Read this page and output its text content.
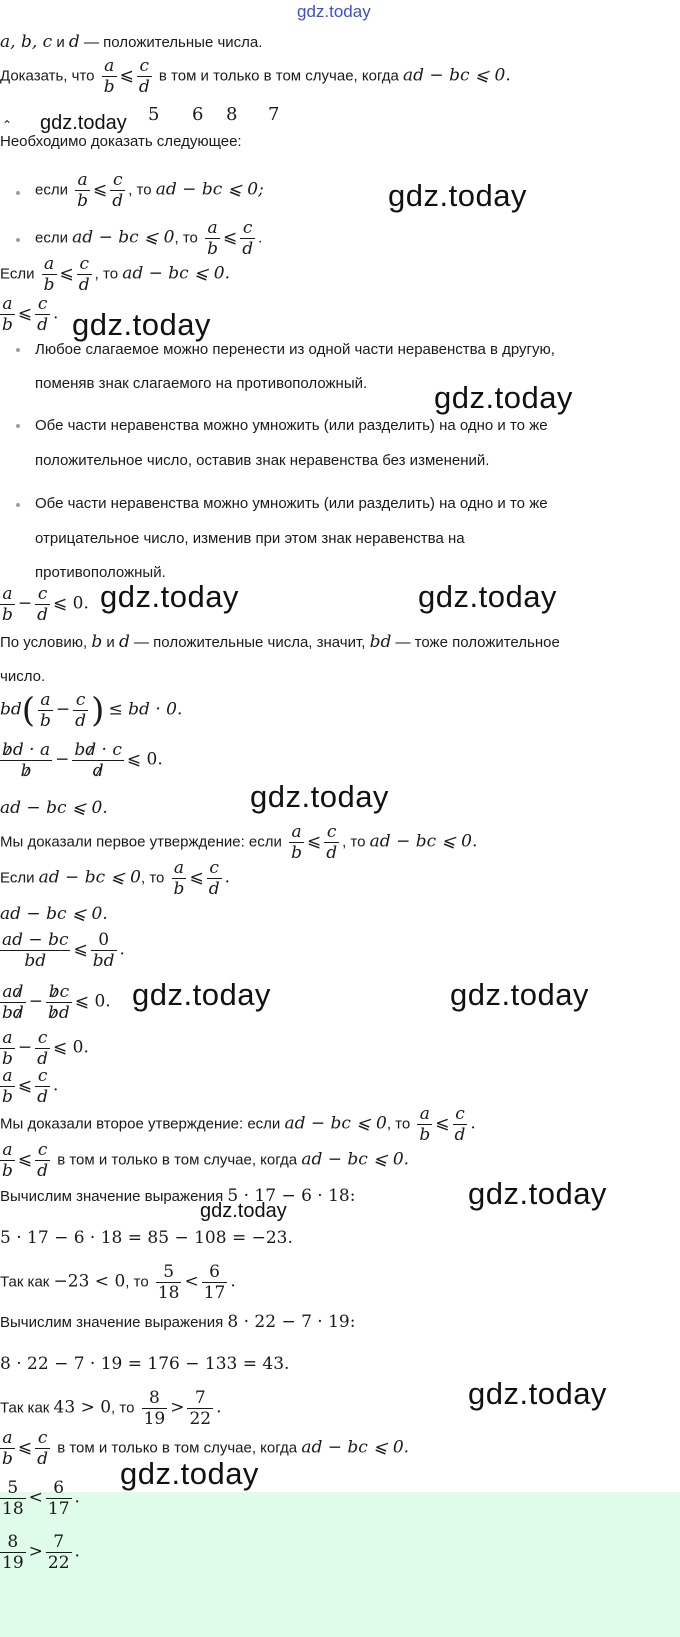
gdz.today
gdz.today
gdz.today
gdz.today
gdz.today
gdz.today	gdz.today
gdz.today
gdz.today	gdz.today
gdz.today
gdz.today
gdz.today
gdz.today
a, b, c и d — положительные числа.
Доказать, что $\frac{a}{b}$ ⩽ $\frac{c}{d}$ в том и только в том случае, когда ad − bc ⩽ 0.
⌃	5 6 8 7
Необходимо доказать следующее:
если $\frac{a}{b}$ ⩽ $\frac{c}{d}$ , то ad − bc ⩽ 0;
если ad − bc ⩽ 0, то $\frac{a}{b}$ ⩽ $\frac{c}{d}$ .
Если $\frac{a}{b}$ ⩽ $\frac{c}{d}$ , то ad − bc ⩽ 0.
$\frac{a}{b}$ ⩽ $\frac{c}{d}$ .
Любое слагаемое можно перенести из одной части неравенства в другую,
поменяв знак слагаемого на противоположный.
Обе части неравенства можно умножить (или разделить) на одно и то же
положительное число, оставив знак неравенства без изменений.
Обе части неравенства можно умножить (или разделить) на одно и то же
отрицательное число, изменив при этом знак неравенства на
противоположный.
$\frac{a}{b} - \frac{c}{d}$ ⩽ 0.
По условию, b и d — положительные числа, значит, bd — тоже положительное
число.
$bd( \frac{a}{b} - \frac{c}{d}$ ) ≤ bd · 0.
$\frac{bd \cdot a}{b} - \frac{bd \cdot c}{d}$ ⩽ 0.
ad − bc ⩽ 0.
Мы доказали первое утверждение: если $\frac{a}{b}$ ⩽ $\frac{c}{d}$ , то ad − bc ⩽ 0.
Если ad − bc ⩽ 0, то $\frac{a}{b}$ ⩽ $\frac{c}{d}$ .
ad − bc ⩽ 0.
$\frac{ad - bc}{bd}$ ⩽ $\frac{0}{bd}$ .
$\frac{ad}{bd} - \frac{bc}{bd}$ ⩽ 0.
$\frac{a}{b} - \frac{c}{d}$ ⩽ 0.
$\frac{a}{b}$ ⩽ $\frac{c}{d}$ .
Мы доказали второе утверждение: если ad − bc ⩽ 0, то $\frac{a}{b}$ ⩽ $\frac{c}{d}$ .
$\frac{a}{b}$ ⩽ $\frac{c}{d}$ в том и только в том случае, когда ad − bc ⩽ 0.
Вычислим значение выражения 5 · 17 − 6 · 18:
5 · 17 − 6 · 18 = 85 − 108 = −23.
Так как −23 < 0, то $\frac{5}{18} < \frac{6}{17}$ .
Вычислим значение выражения 8 · 22 − 7 · 19:
8 · 22 − 7 · 19 = 176 − 133 = 43.
Так как 43 > 0, то $\frac{8}{19} > \frac{7}{22}$ .
$\frac{a}{b}$ ⩽ $\frac{c}{d}$ в том и только в том случае, когда ad − bc ⩽ 0.
$\frac{5}{18} < \frac{6}{17}$ .
$\frac{8}{19} > \frac{7}{22}$ .
